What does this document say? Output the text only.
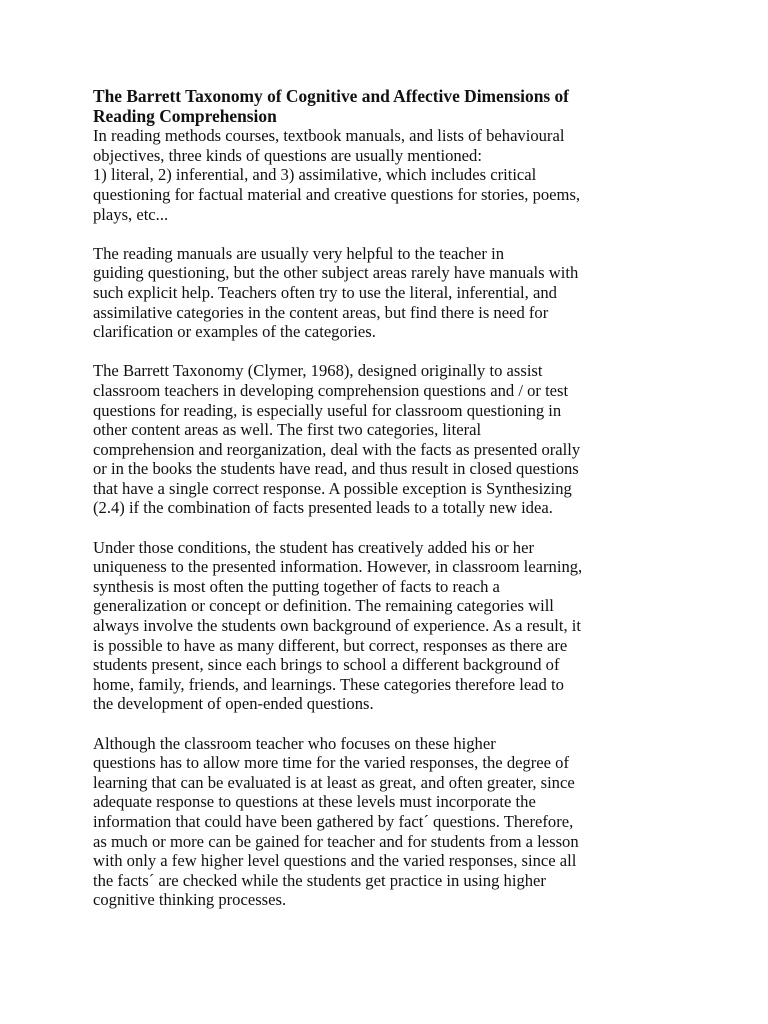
The Barrett Taxonomy of Cognitive and Affective Dimensions of
Reading Comprehension

In reading methods courses, textbook manuals, and lists of behavioural
objectives, three kinds of questions are usually mentioned:
1) literal, 2) inferential, and 3) assimilative, which includes critical
questioning for factual material and creative questions for stories, poems,
plays, etc...

The reading manuals are usually very helpful to the teacher in
guiding questioning, but the other subject areas rarely have manuals with
such explicit help. Teachers often try to use the literal, inferential, and
assimilative categories in the content areas, but find there is need for
clarification or examples of the categories.

The Barrett Taxonomy (Clymer, 1968), designed originally to assist
classroom teachers in developing comprehension questions and / or test
questions for reading, is especially useful for classroom questioning in
other content areas as well. The first two categories, literal
comprehension and reorganization, deal with the facts as presented orally
or in the books the students have read, and thus result in closed questions
that have a single correct response. A possible exception is Synthesizing
(2.4) if the combination of facts presented leads to a totally new idea.

Under those conditions, the student has creatively added his or her
uniqueness to the presented information. However, in classroom learning,
synthesis is most often the putting together of facts to reach a
generalization or concept or definition. The remaining categories will
always involve the students own background of experience. As a result, it
is possible to have as many different, but correct, responses as there are
students present, since each brings to school a different background of
home, family, friends, and learnings. These categories therefore lead to
the development of open-ended questions.

Although the classroom teacher who focuses on these higher
questions has to allow more time for the varied responses, the degree of
learning that can be evaluated is at least as great, and often greater, since
adequate response to questions at these levels must incorporate the
information that could have been gathered by fact´ questions. Therefore,
as much or more can be gained for teacher and for students from a lesson
with only a few higher level questions and the varied responses, since all
the facts´ are checked while the students get practice in using higher
cognitive thinking processes.
